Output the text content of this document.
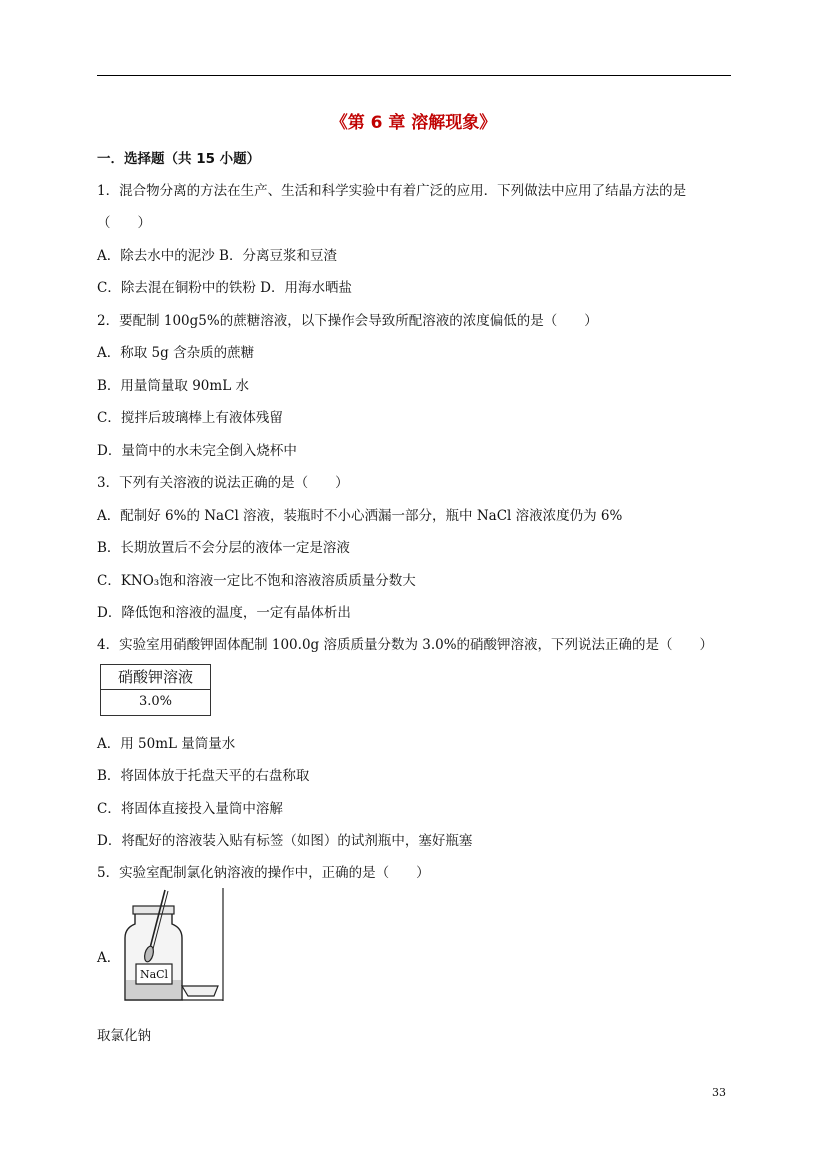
《第 6 章 溶解现象》
一．选择题（共 15 小题）
1．混合物分离的方法在生产、生活和科学实验中有着广泛的应用．下列做法中应用了结晶方法的是
（　　）
A．除去水中的泥沙 B．分离豆浆和豆渣
C．除去混在铜粉中的铁粉 D．用海水晒盐
2．要配制 100g5%的蔗糖溶液，以下操作会导致所配溶液的浓度偏低的是（　　）
A．称取 5g 含杂质的蔗糖
B．用量筒量取 90mL 水
C．搅拌后玻璃棒上有液体残留
D．量筒中的水未完全倒入烧杯中
3．下列有关溶液的说法正确的是（　　）
A．配制好 6%的 NaCl 溶液，装瓶时不小心洒漏一部分，瓶中 NaCl 溶液浓度仍为 6%
B．长期放置后不会分层的液体一定是溶液
C．KNO₃饱和溶液一定比不饱和溶液溶质质量分数大
D．降低饱和溶液的温度，一定有晶体析出
4．实验室用硝酸钾固体配制 100.0g 溶质质量分数为 3.0%的硝酸钾溶液，下列说法正确的是（　　）
硝酸钾溶液
3.0%
A．用 50mL 量筒量水
B．将固体放于托盘天平的右盘称取
C．将固体直接投入量筒中溶解
D．将配好的溶液装入贴有标签（如图）的试剂瓶中，塞好瓶塞
5．实验室配制氯化钠溶液的操作中，正确的是（　　）
A．
NaCl
取氯化钠
33
